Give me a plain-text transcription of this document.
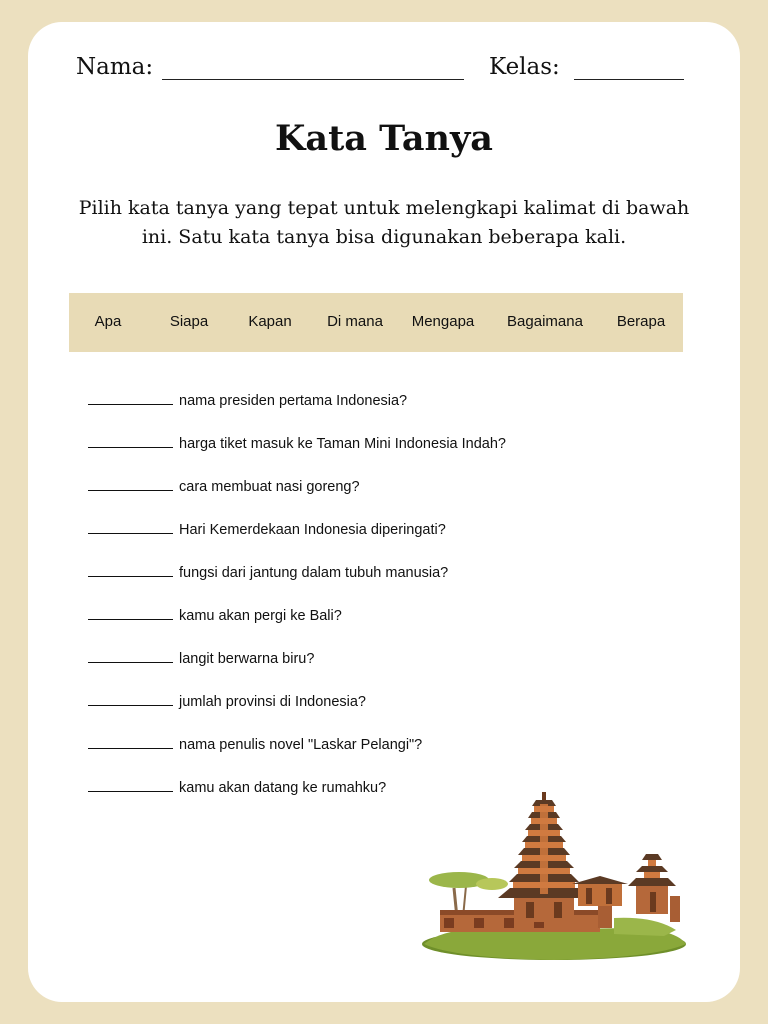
Nama:	Kelas:
Kata Tanya
Pilih kata tanya yang tepat untuk melengkapi kalimat di bawah ini. Satu kata tanya bisa digunakan beberapa kali.
Apa	Siapa	Kapan Di mana Mengapa Bagaimana Berapa
nama presiden pertama Indonesia?
harga tiket masuk ke Taman Mini Indonesia Indah?
cara membuat nasi goreng?
Hari Kemerdekaan Indonesia diperingati?
fungsi dari jantung dalam tubuh manusia?
kamu akan pergi ke Bali?
langit berwarna biru?
jumlah provinsi di Indonesia?
nama penulis novel "Laskar Pelangi"?
kamu akan datang ke rumahku?
